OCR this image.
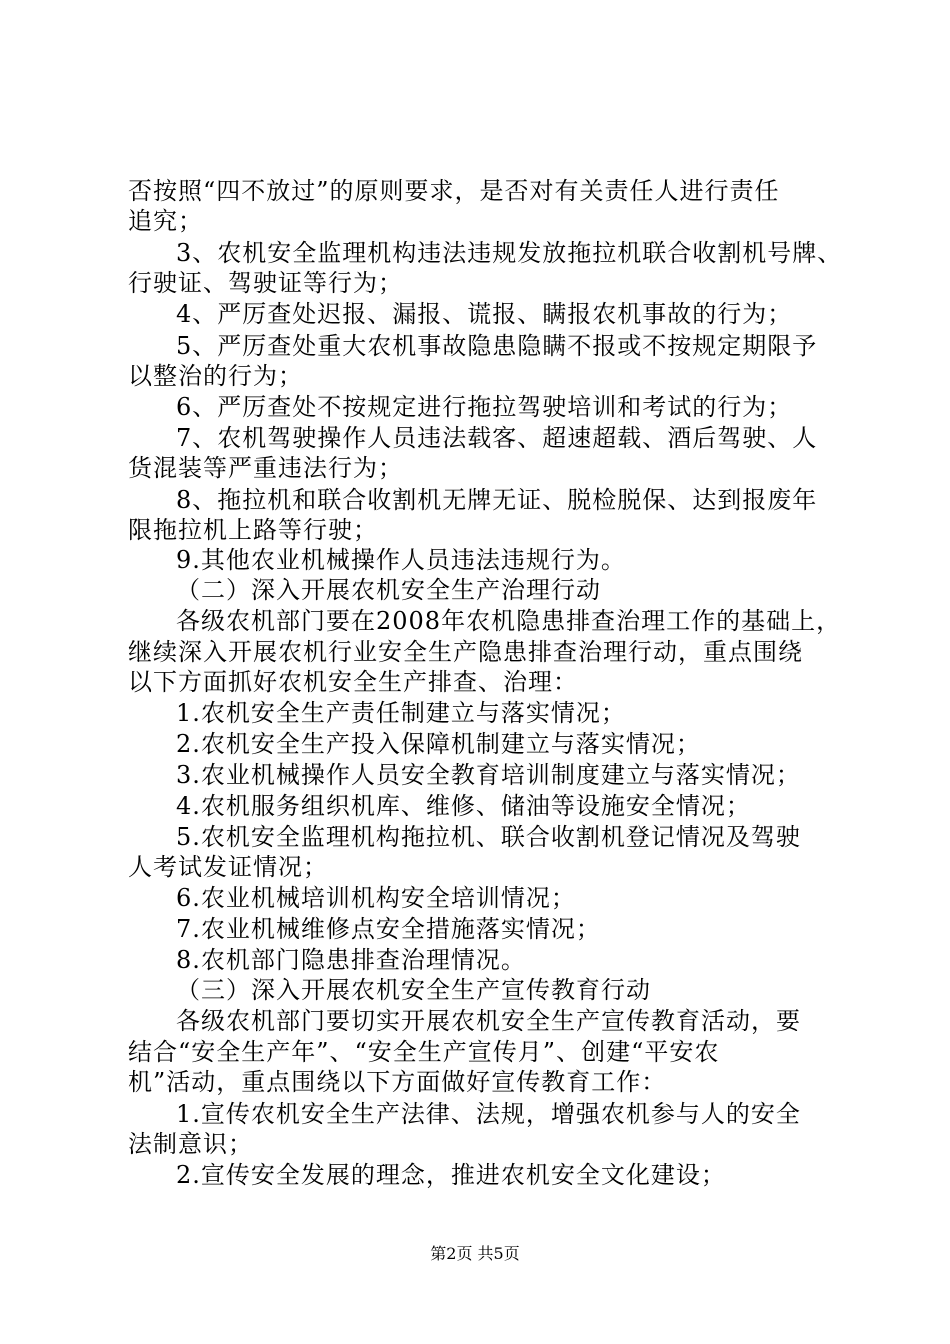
否按照“四不放过”的原则要求，是否对有关责任人进行责任
追究；
3、农机安全监理机构违法违规发放拖拉机联合收割机号牌、
行驶证、驾驶证等行为；
4、严厉查处迟报、漏报、谎报、瞒报农机事故的行为；
5、严厉查处重大农机事故隐患隐瞒不报或不按规定期限予
以整治的行为；
6、严厉查处不按规定进行拖拉驾驶培训和考试的行为；
7、农机驾驶操作人员违法载客、超速超载、酒后驾驶、人
货混装等严重违法行为；
8、拖拉机和联合收割机无牌无证、脱检脱保、达到报废年
限拖拉机上路等行驶；
9.其他农业机械操作人员违法违规行为。
（二）深入开展农机安全生产治理行动
各级农机部门要在2008年农机隐患排查治理工作的基础上，
继续深入开展农机行业安全生产隐患排查治理行动，重点围绕
以下方面抓好农机安全生产排查、治理：
1.农机安全生产责任制建立与落实情况；
2.农机安全生产投入保障机制建立与落实情况；
3.农业机械操作人员安全教育培训制度建立与落实情况；
4.农机服务组织机库、维修、储油等设施安全情况；
5.农机安全监理机构拖拉机、联合收割机登记情况及驾驶
人考试发证情况；
6.农业机械培训机构安全培训情况；
7.农业机械维修点安全措施落实情况；
8.农机部门隐患排查治理情况。
（三）深入开展农机安全生产宣传教育行动
各级农机部门要切实开展农机安全生产宣传教育活动，要
结合“安全生产年”、“安全生产宣传月”、创建“平安农
机”活动，重点围绕以下方面做好宣传教育工作：
1.宣传农机安全生产法律、法规，增强农机参与人的安全
法制意识；
2.宣传安全发展的理念，推进农机安全文化建设；
第2页 共5页
